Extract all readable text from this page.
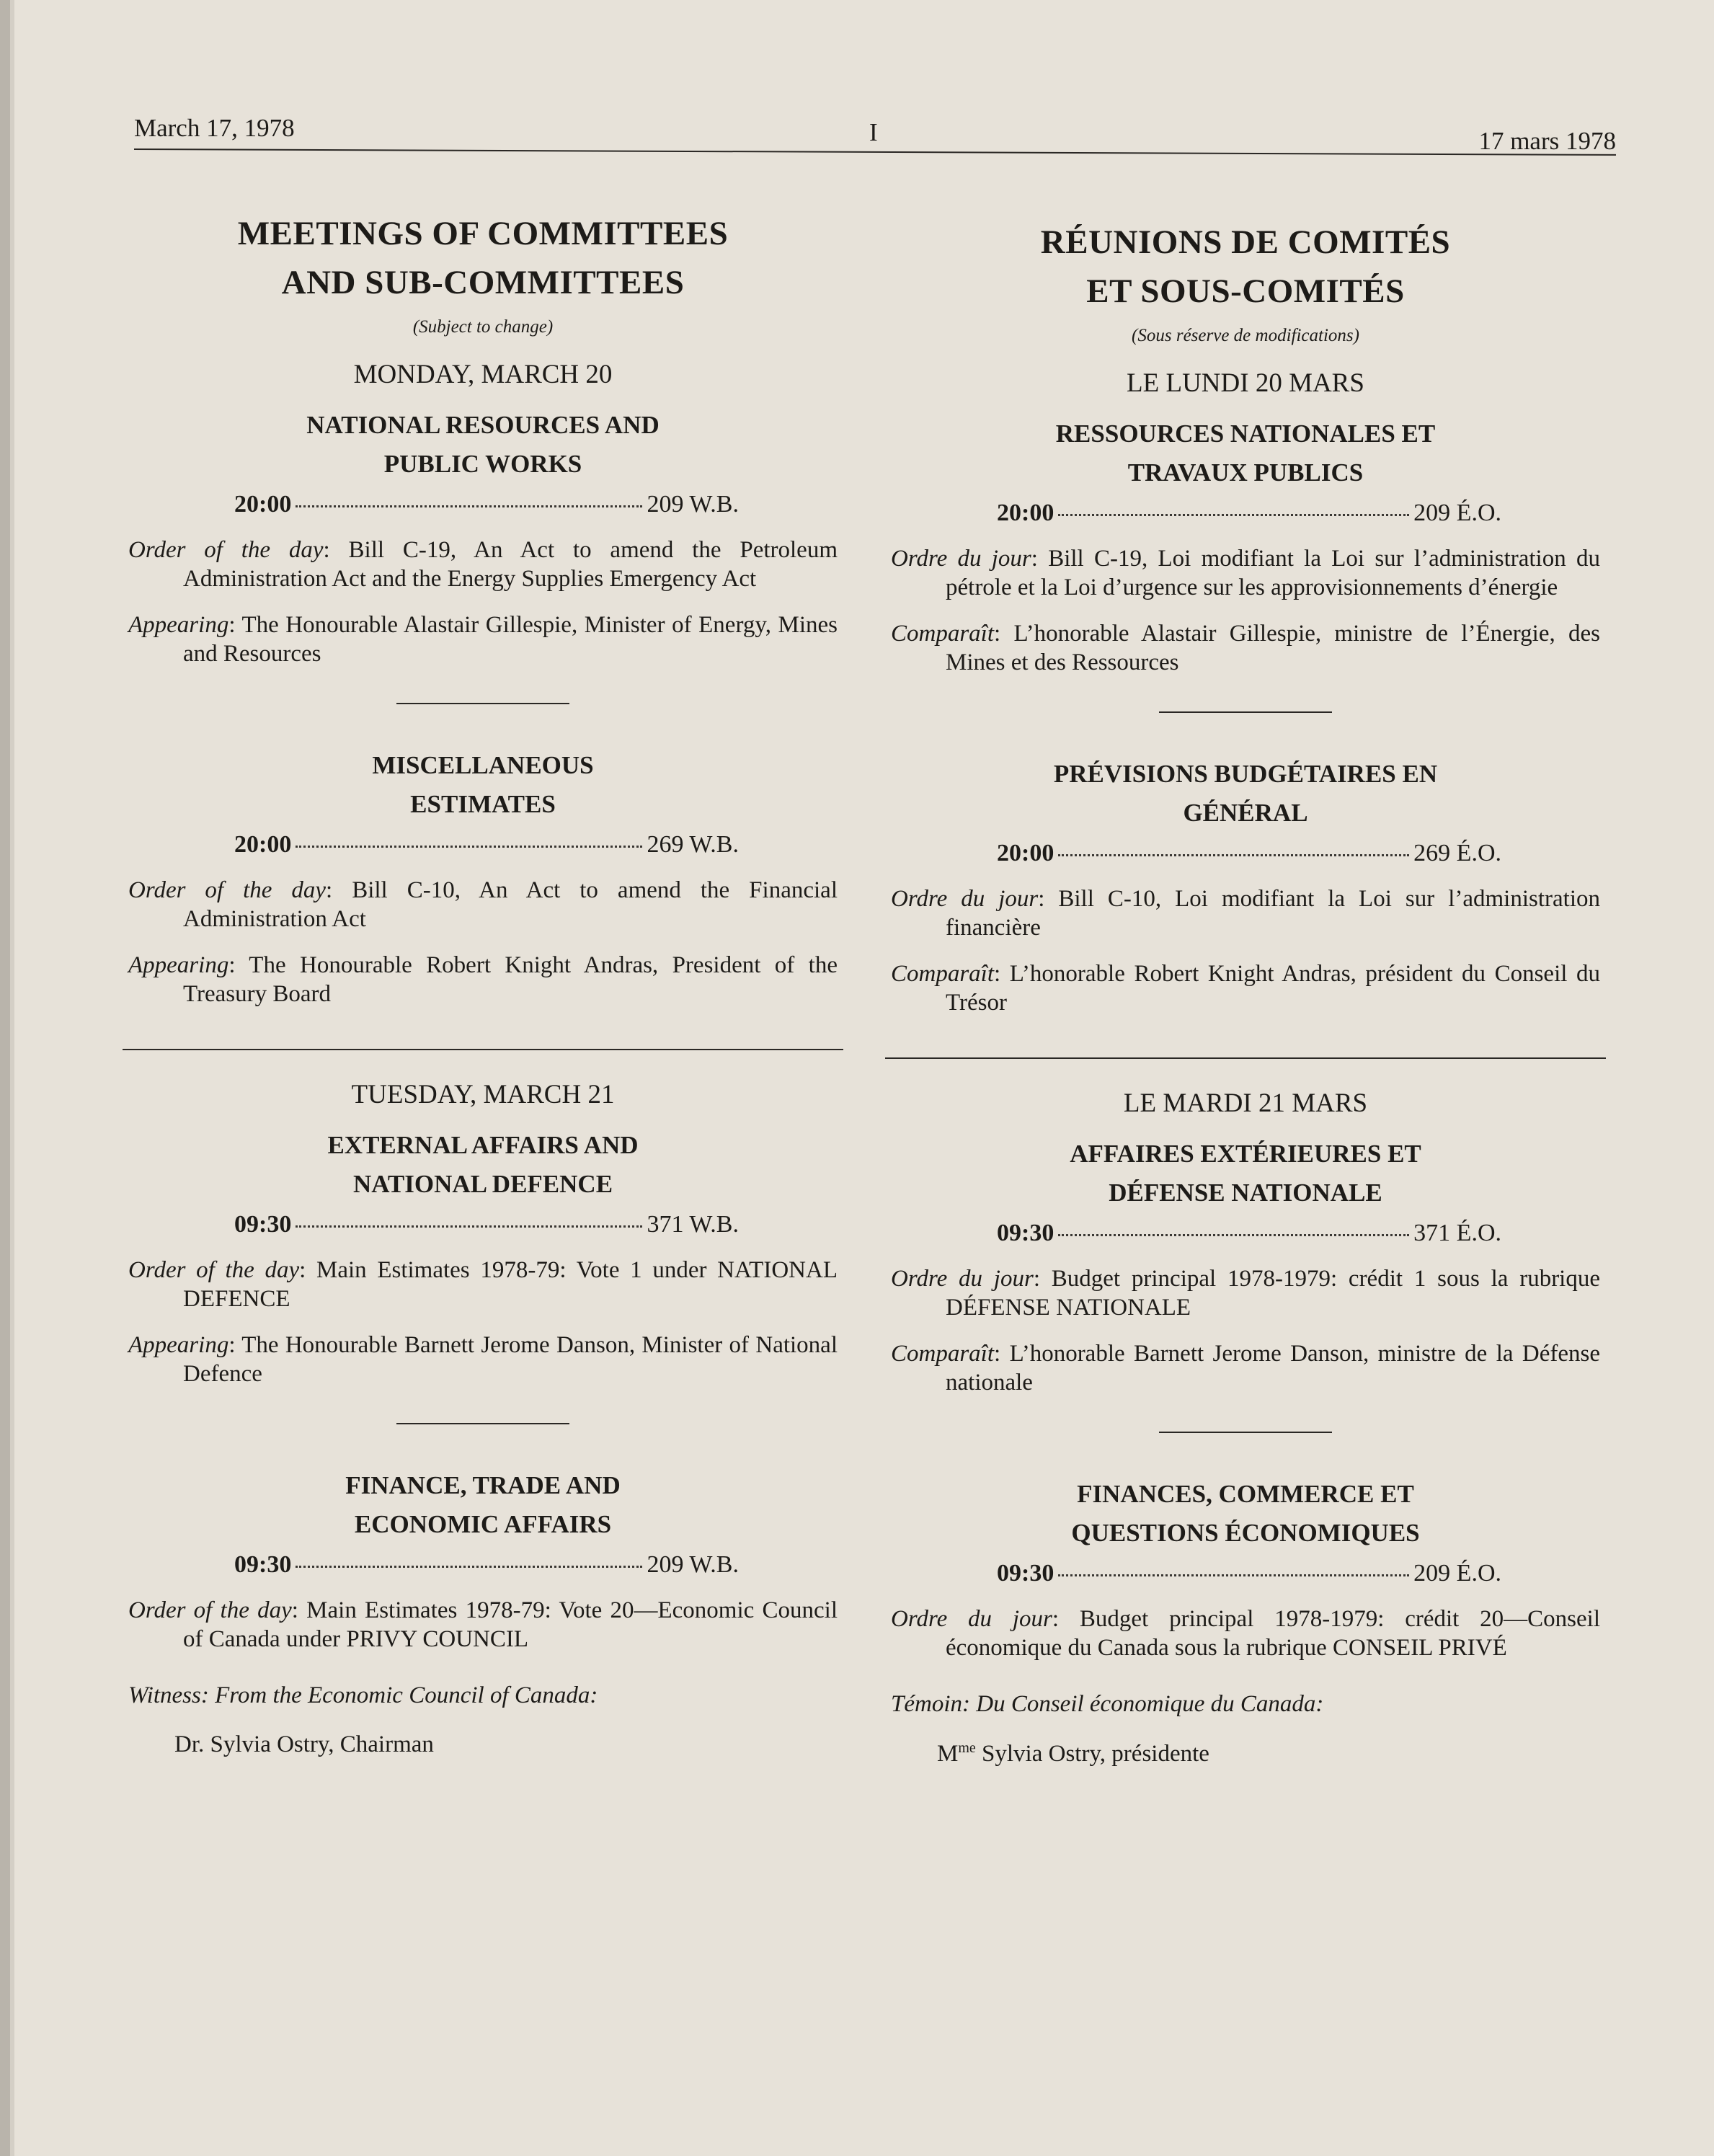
March 17, 1978	I	17 mars 1978
MEETINGS OF COMMITTEES
AND SUB-COMMITTEES
(Subject to change)
MONDAY, MARCH 20
NATIONAL RESOURCES AND
PUBLIC WORKS
20:00	209 W.B.
Order of the day: Bill C-19, An Act to amend the Petroleum Administration Act and the Energy Supplies Emergency Act
Appearing: The Honourable Alastair Gillespie, Minister of Energy, Mines and Resources
MISCELLANEOUS
ESTIMATES
20:00	269 W.B.
Order of the day: Bill C-10, An Act to amend the Financial Administration Act
Appearing: The Honourable Robert Knight Andras, President of the Treasury Board
TUESDAY, MARCH 21
EXTERNAL AFFAIRS AND
NATIONAL DEFENCE
09:30	371 W.B.
Order of the day: Main Estimates 1978-79: Vote 1 under NATIONAL DEFENCE
Appearing: The Honourable Barnett Jerome Danson, Minister of National Defence
FINANCE, TRADE AND
ECONOMIC AFFAIRS
09:30	209 W.B.
Order of the day: Main Estimates 1978-79: Vote 20—Economic Council of Canada under PRIVY COUNCIL
Witness: From the Economic Council of Canada:
Dr. Sylvia Ostry, Chairman
RÉUNIONS DE COMITÉS
ET SOUS-COMITÉS
(Sous réserve de modifications)
LE LUNDI 20 MARS
RESSOURCES NATIONALES ET
TRAVAUX PUBLICS
20:00	209 É.O.
Ordre du jour: Bill C-19, Loi modifiant la Loi sur l’administration du pétrole et la Loi d’urgence sur les approvisionnements d’énergie
Comparaît: L’honorable Alastair Gillespie, ministre de l’Énergie, des Mines et des Ressources
PRÉVISIONS BUDGÉTAIRES EN
GÉNÉRAL
20:00	269 É.O.
Ordre du jour: Bill C-10, Loi modifiant la Loi sur l’administration financière
Comparaît: L’honorable Robert Knight Andras, président du Conseil du Trésor
LE MARDI 21 MARS
AFFAIRES EXTÉRIEURES ET
DÉFENSE NATIONALE
09:30	371 É.O.
Ordre du jour: Budget principal 1978-1979: crédit 1 sous la rubrique DÉFENSE NATIONALE
Comparaît: L’honorable Barnett Jerome Danson, ministre de la Défense nationale
FINANCES, COMMERCE ET
QUESTIONS ÉCONOMIQUES
09:30	209 É.O.
Ordre du jour: Budget principal 1978-1979: crédit 20—Conseil économique du Canada sous la rubrique CONSEIL PRIVÉ
Témoin: Du Conseil économique du Canada:
$M^{me}$ Sylvia Ostry, présidente
